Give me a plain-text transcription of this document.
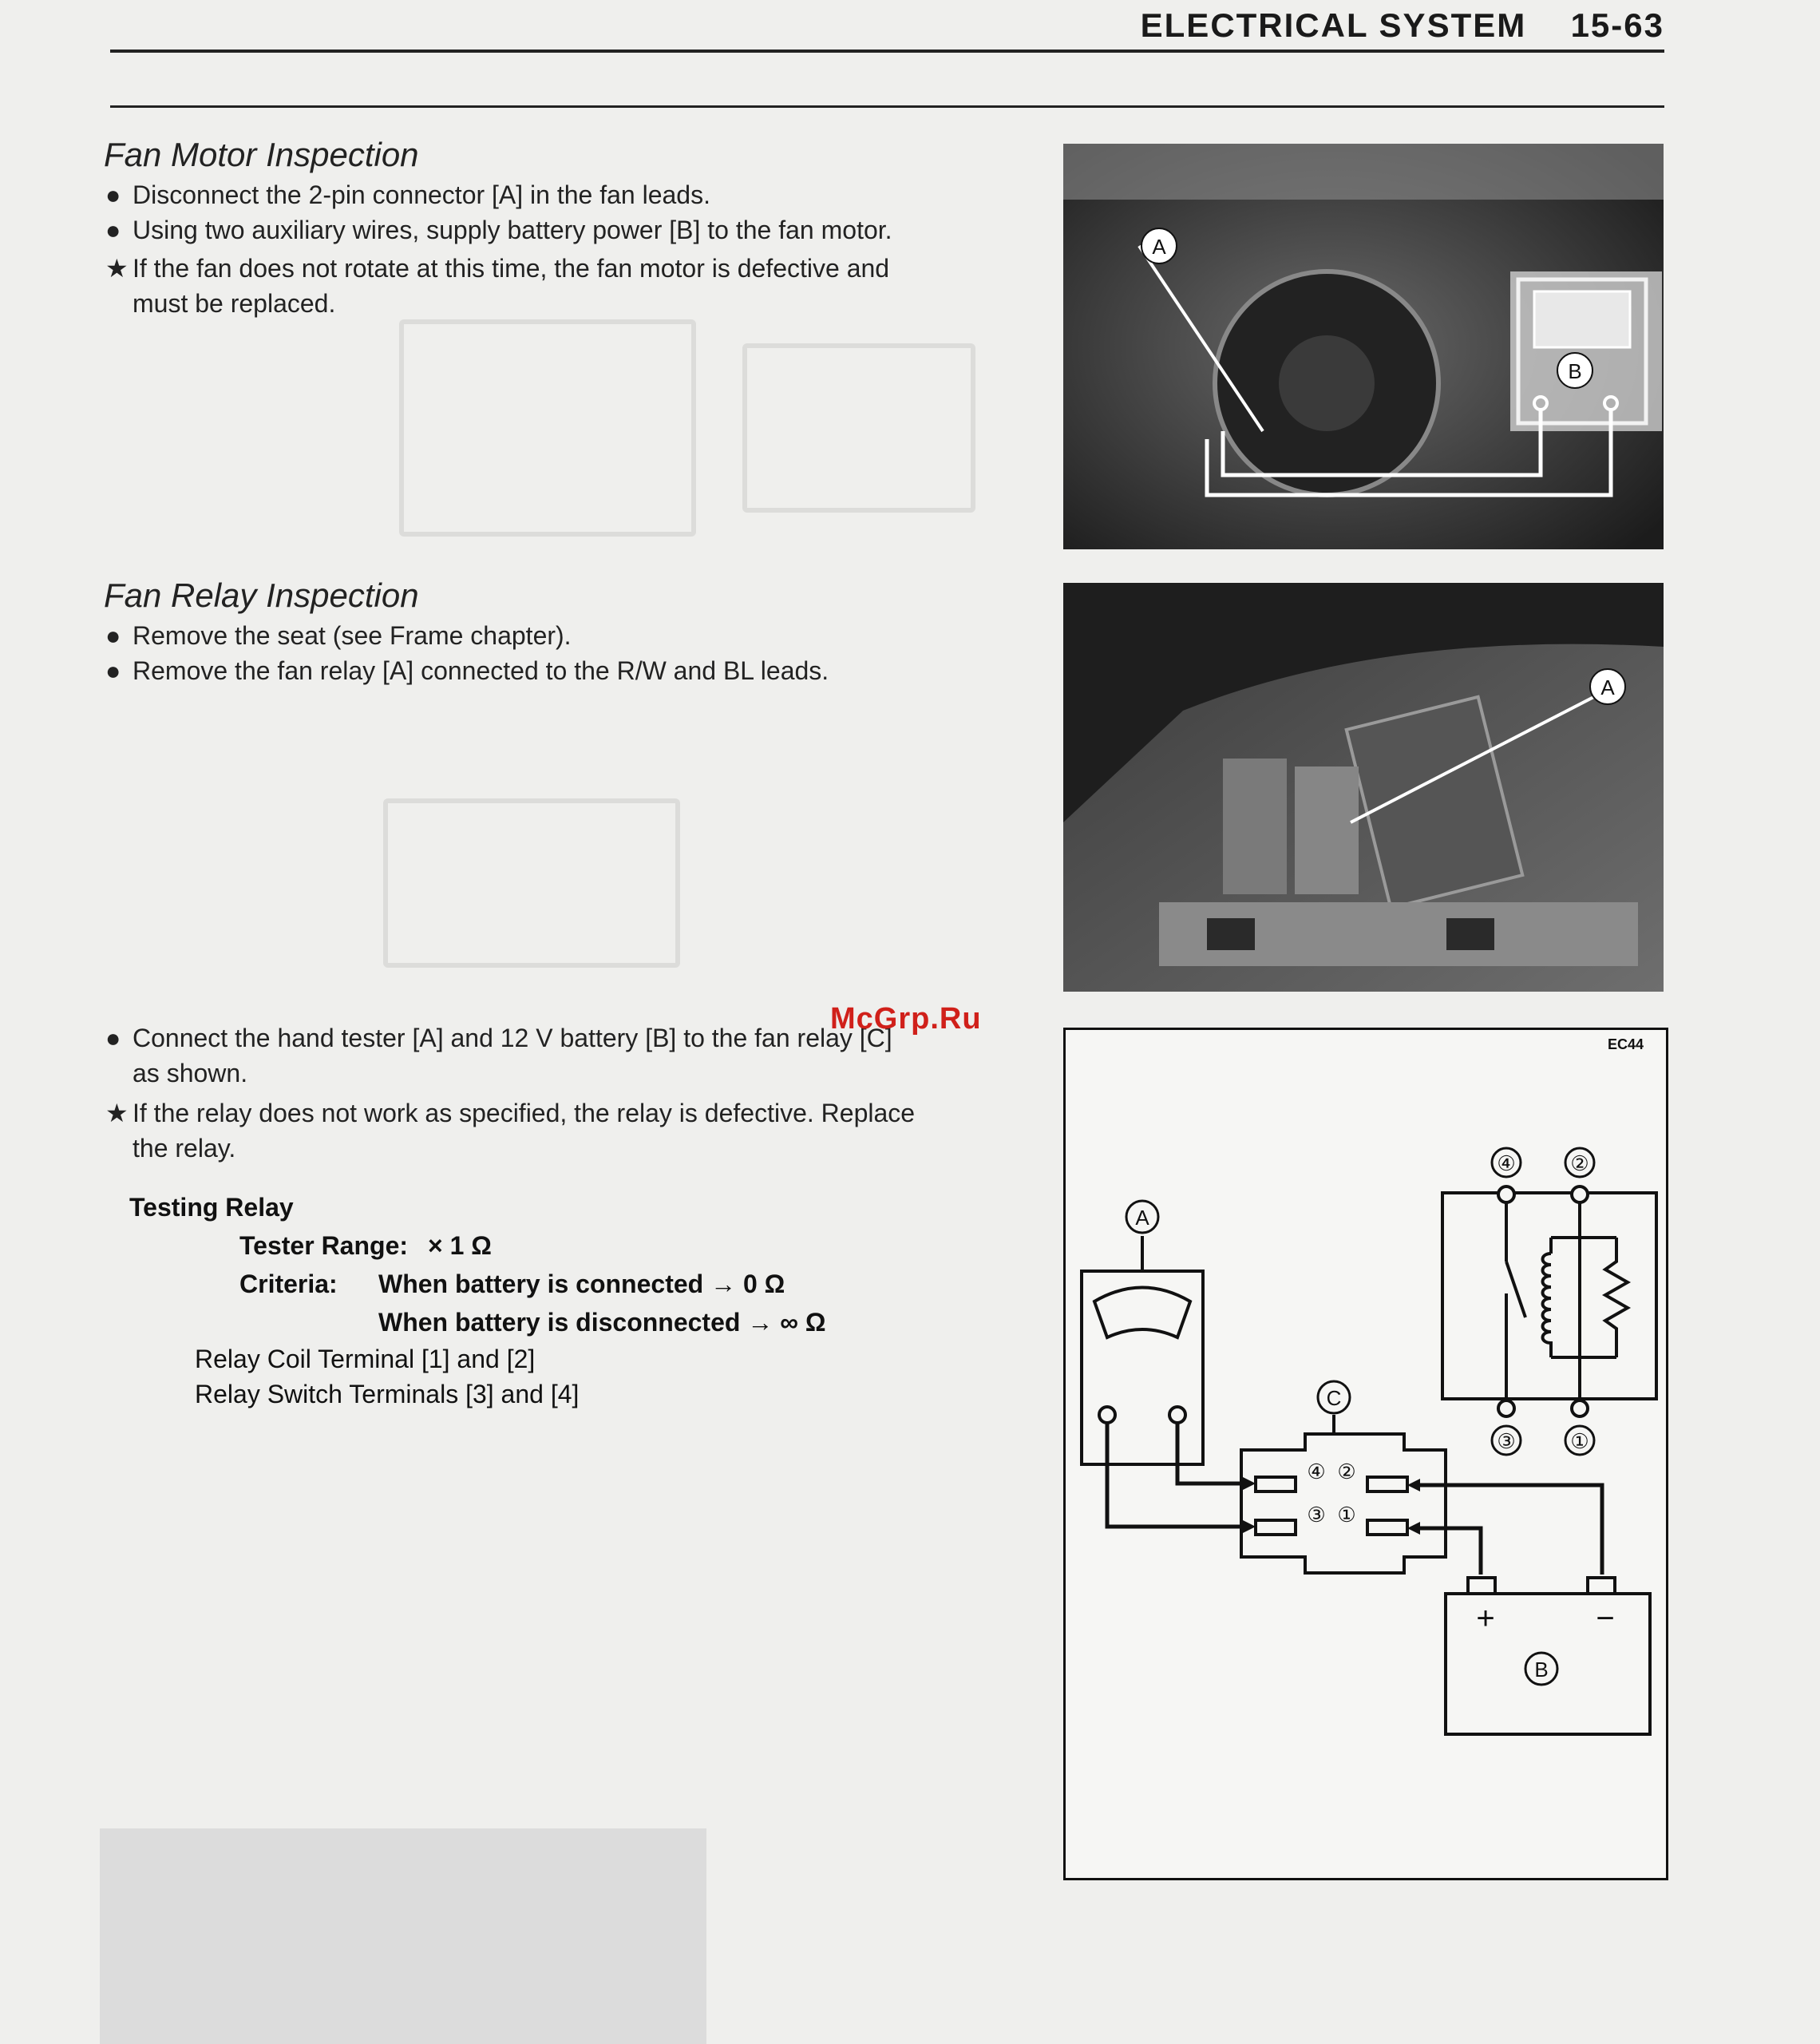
ELECTRICAL SYSTEM 15-63
Fan Motor Inspection
● Disconnect the 2-pin connector [A] in the fan leads.
● Using two auxiliary wires, supply battery power [B] to the fan motor.
★ If the fan does not rotate at this time, the fan motor is defective and
must be replaced.
A
B
Fan Relay Inspection
● Remove the seat (see Frame chapter).
● Remove the fan relay [A] connected to the R/W and BL leads.
A
McGrp.Ru
● Connect the hand tester [A] and 12 V battery [B] to the fan relay [C]
as shown.
★ If the relay does not work as specified, the relay is defective. Replace
the relay.
Testing Relay
Tester Range: × 1 Ω
Criteria: When battery is connected → 0 Ω
When battery is disconnected → ∞ Ω
Relay Coil Terminal [1] and [2]
Relay Switch Terminals [3] and [4]
EC44
A
C
④ ②
③ ①
+	−
B
④	②
③	①
